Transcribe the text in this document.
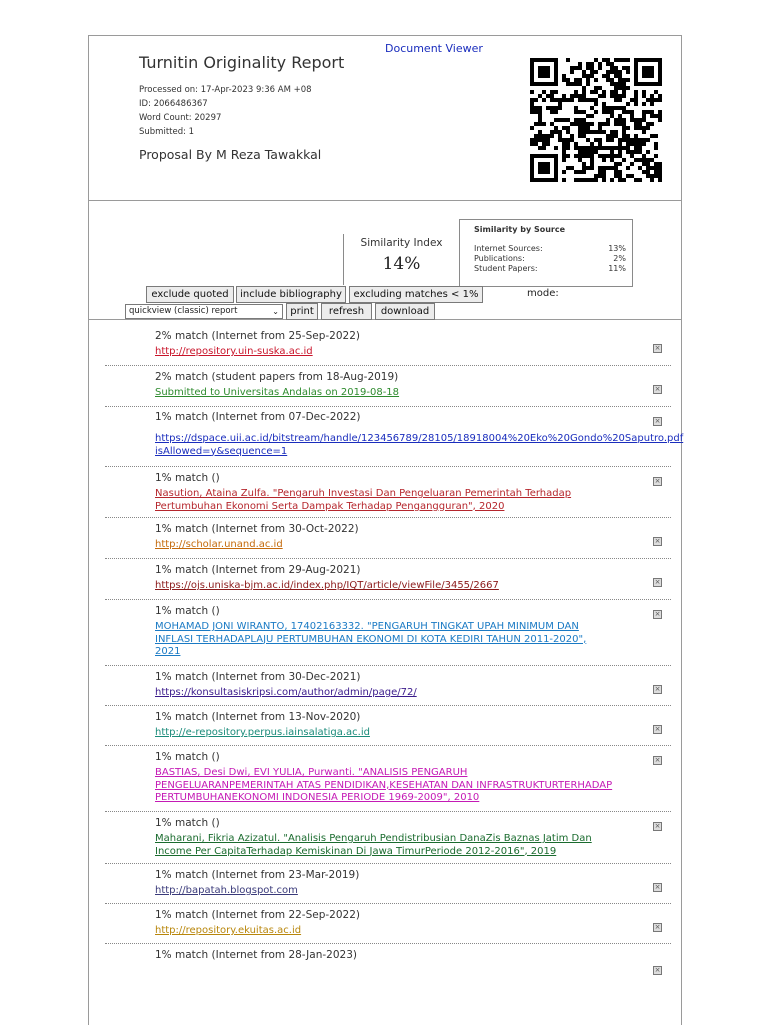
Document Viewer
Turnitin Originality Report
Processed on: 17-Apr-2023 9:36 AM +08
ID: 2066486367
Word Count: 20297
Submitted: 1
Proposal By M Reza Tawakkal
Similarity Index
14%
Similarity by Source
Internet Sources:	13%
Publications:	2%
Student Papers:	11%
exclude quoted	include bibliography	excluding matches < 1%	mode:
quickview (classic) report	⌄	print	refresh	download
2% match (Internet from 25-Sep-2022)
http://repository.uin-suska.ac.id	×
2% match (student papers from 18-Aug-2019)
Submitted to Universitas Andalas on 2019-08-18	×
1% match (Internet from 07-Dec-2022)
https://dspace.uii.ac.id/bitstream/handle/123456789/28105/18918004%20Eko%20Gondo%20Saputro.pdf
isAllowed=y&sequence=1
×
1% match ()
Nasution, Ataina Zulfa. "Pengaruh Investasi Dan Pengeluaran Pemerintah Terhadap
Pertumbuhan Ekonomi Serta Dampak Terhadap Pengangguran", 2020
×
1% match (Internet from 30-Oct-2022)
http://scholar.unand.ac.id	×
1% match (Internet from 29-Aug-2021)
https://ojs.uniska-bjm.ac.id/index.php/IQT/article/viewFile/3455/2667	×
1% match ()
MOHAMAD JONI WIRANTO, 17402163332. "PENGARUH TINGKAT UPAH MINIMUM DAN
INFLASI TERHADAPLAJU PERTUMBUHAN EKONOMI DI KOTA KEDIRI TAHUN 2011-2020",
2021
×
1% match (Internet from 30-Dec-2021)
https://konsultasiskripsi.com/author/admin/page/72/	×
1% match (Internet from 13-Nov-2020)
http://e-repository.perpus.iainsalatiga.ac.id	×
1% match ()
BASTIAS, Desi Dwi, EVI YULIA, Purwanti. "ANALISIS PENGARUH
PENGELUARANPEMERINTAH ATAS PENDIDIKAN,KESEHATAN DAN INFRASTRUKTURTERHADAP
PERTUMBUHANEKONOMI INDONESIA PERIODE 1969-2009", 2010
×
1% match ()
Maharani, Fikria Azizatul. "Analisis Pengaruh Pendistribusian DanaZis Baznas Jatim Dan
Income Per CapitaTerhadap Kemiskinan Di Jawa TimurPeriode 2012-2016", 2019
×
1% match (Internet from 23-Mar-2019)
http://bapatah.blogspot.com	×
1% match (Internet from 22-Sep-2022)
http://repository.ekuitas.ac.id	×
1% match (Internet from 28-Jan-2023)
×
